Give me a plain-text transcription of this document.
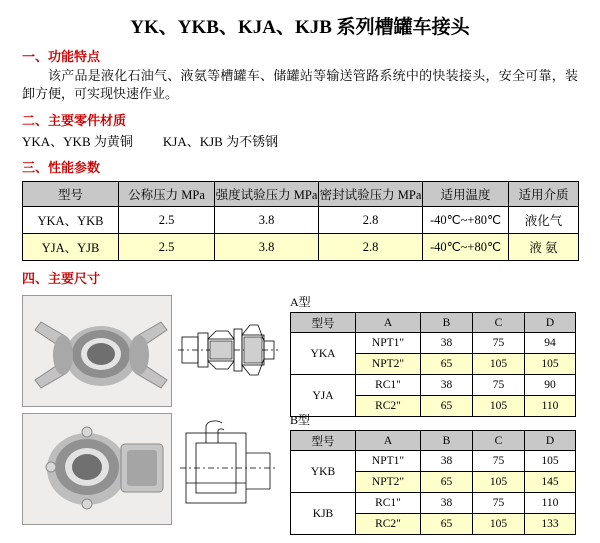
YK、YKB、KJA、KJB 系列槽罐车接头
一、功能特点
该产品是液化石油气、液氨等槽罐车、储罐站等输送管路系统中的快装接头，安全可靠，装卸方便，可实现快速作业。
二、主要零件材质
YKA、YKB 为黄铜 KJA、KJB 为不锈钢
三、性能参数
型号	公称压力 MPa	强度试验压力 MPa	密封试验压力 MPa	适用温度	适用介质
YKA、YKB	2.5	3.8	2.8	-40℃~+80℃	液化气
YJA、YJB	2.5	3.8	2.8	-40℃~+80℃	液 氨
四、主要尺寸
A型
型号	A	B	C	D
YKA	NPT1"	38	75	94
	NPT2"	65	105	105
YJA	RC1"	38	75	90
	RC2"	65	105	110
B型
型号	A	B	C	D
YKB	NPT1"	38	75	105
	NPT2"	65	105	145
KJB	RC1"	38	75	110
	RC2"	65	105	133
